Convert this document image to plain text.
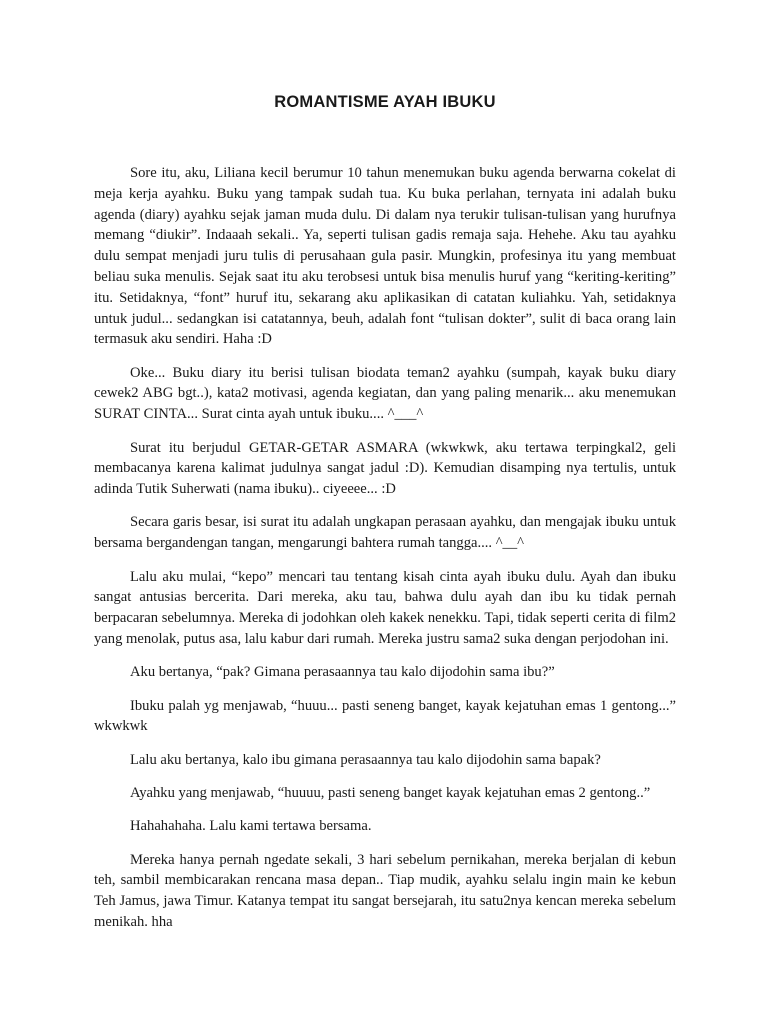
ROMANTISME AYAH IBUKU

Sore itu, aku, Liliana kecil berumur 10 tahun menemukan buku agenda berwarna cokelat di meja kerja ayahku. Buku yang tampak sudah tua. Ku buka perlahan, ternyata ini adalah buku agenda (diary) ayahku sejak jaman muda dulu. Di dalam nya terukir tulisan-tulisan yang hurufnya memang “diukir”. Indaaah sekali.. Ya, seperti tulisan gadis remaja saja. Hehehe. Aku tau ayahku dulu sempat menjadi juru tulis di perusahaan gula pasir. Mungkin, profesinya itu yang membuat beliau suka menulis. Sejak saat itu aku terobsesi untuk bisa menulis huruf yang “keriting-keriting” itu. Setidaknya, “font” huruf itu, sekarang aku aplikasikan di catatan kuliahku. Yah, setidaknya untuk judul... sedangkan isi catatannya, beuh, adalah font “tulisan dokter”, sulit di baca orang lain termasuk aku sendiri. Haha :D

Oke... Buku diary itu berisi tulisan biodata teman2 ayahku (sumpah, kayak buku diary cewek2 ABG bgt..), kata2 motivasi, agenda kegiatan, dan yang paling menarik... aku menemukan SURAT CINTA... Surat cinta ayah untuk ibuku.... ^___^

Surat itu berjudul GETAR-GETAR ASMARA (wkwkwk, aku tertawa terpingkal2, geli membacanya karena kalimat judulnya sangat jadul :D). Kemudian disamping nya tertulis, untuk adinda Tutik Suherwati (nama ibuku).. ciyeeee... :D

Secara garis besar, isi surat itu adalah ungkapan perasaan ayahku, dan mengajak ibuku untuk bersama bergandengan tangan, mengarungi bahtera rumah tangga.... ^__^

Lalu aku mulai, “kepo” mencari tau tentang kisah cinta ayah ibuku dulu. Ayah dan ibuku sangat antusias bercerita. Dari mereka, aku tau, bahwa dulu ayah dan ibu ku tidak pernah berpacaran sebelumnya. Mereka di jodohkan oleh kakek nenekku. Tapi, tidak seperti cerita di film2 yang menolak, putus asa, lalu kabur dari rumah. Mereka justru sama2 suka dengan perjodohan ini.

Aku bertanya, “pak? Gimana perasaannya tau kalo dijodohin sama ibu?”

Ibuku palah yg menjawab, “huuu... pasti seneng banget, kayak kejatuhan emas 1 gentong...” wkwkwk

Lalu aku bertanya, kalo ibu gimana perasaannya tau kalo dijodohin sama bapak?

Ayahku yang menjawab, “huuuu, pasti seneng banget kayak kejatuhan emas 2 gentong..”

Hahahahaha. Lalu kami tertawa bersama.

Mereka hanya pernah ngedate sekali, 3 hari sebelum pernikahan, mereka berjalan di kebun teh, sambil membicarakan rencana masa depan.. Tiap mudik, ayahku selalu ingin main ke kebun Teh Jamus, jawa Timur. Katanya tempat itu sangat bersejarah, itu satu2nya kencan mereka sebelum menikah. hha
